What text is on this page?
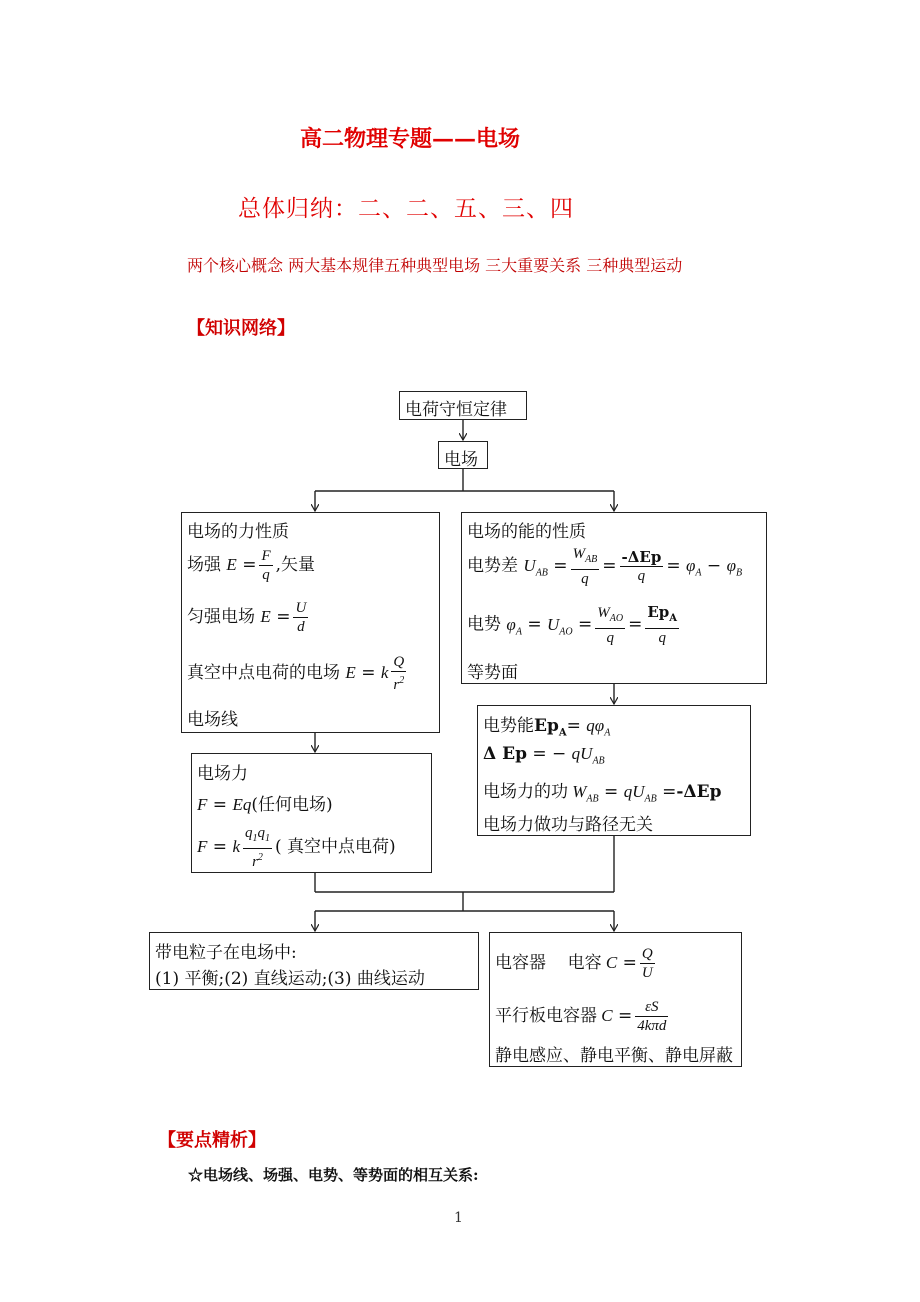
高二物理专题——电场
总体归纳：二、二、五、三、四
两个核心概念 两大基本规律五种典型电场 三大重要关系 三种典型运动
【知识网络】
电荷守恒定律
电场
电场的力性质
场强 $E = \frac{F}{q}$ ,矢量
匀强电场 $E = \frac{U}{d}$
真空中点电荷的电场 E = k $\frac{Q}{r^2}$
电场线
电场的能的性质
电势差 $U_{AB} = \frac{W_{AB}}{q} = \frac{\text{-ΔEp}}{q} = \varphi_A - \varphi_B$
电势 $\varphi_A = U_{AO} = \frac{W_{AO}}{q} = \frac{Ep_A}{q}$
等势面
电场力
F = Eq(任何电场)
F = k $\frac{q_1q_1}{r^2}$ ( 真空中点电荷)
电势能$Ep_A= q\varphi_A$
Δ Ep = − $qU_{AB}$
电场力的功 $W_{AB} = qU_{AB} =-\Delta Ep$
电场力做功与路径无关
带电粒子在电场中:
(1) 平衡;(2) 直线运动;(3) 曲线运动
电容器 电容 $C = \frac{Q}{U}$
平行板电容器 $C = \frac{\varepsilon S}{\text{4kπd}}$
静电感应、静电平衡、静电屏蔽
【要点精析】
☆电场线、场强、电势、等势面的相互关系:
1
